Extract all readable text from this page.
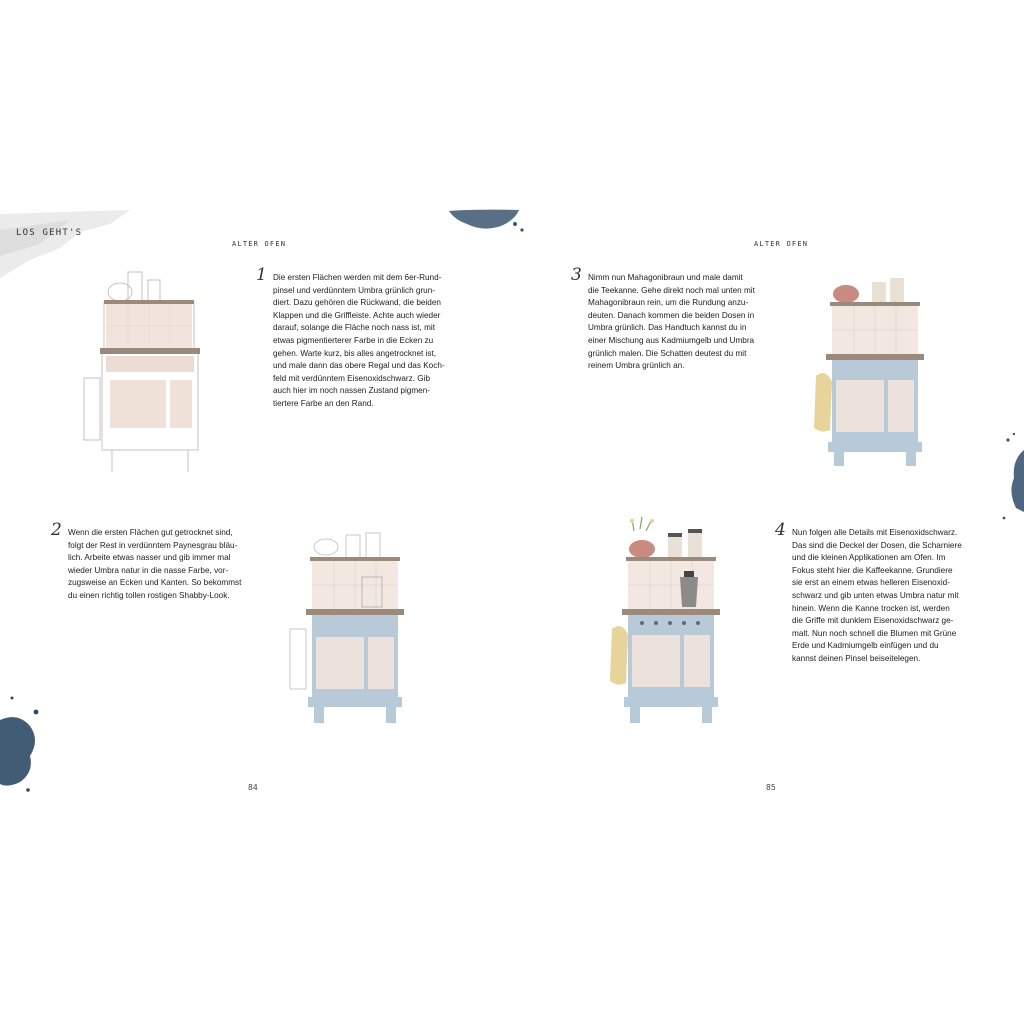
LOS GEHT'S
ALTER OFEN	ALTER OFEN
1 Die ersten Flächen werden mit dem 6er-Rund-
pinsel und verdünntem Umbra grünlich grun-
diert. Dazu gehören die Rückwand, die beiden
Klappen und die Griffleiste. Achte auch wieder
darauf, solange die Fläche noch nass ist, mit
etwas pigmentierterer Farbe in die Ecken zu
gehen. Warte kurz, bis alles angetrocknet ist,
und male dann das obere Regal und das Koch-
feld mit verdünntem Eisenoxidschwarz. Gib
auch hier im noch nassen Zustand pigmen-
tiertere Farbe an den Rand.

2 Wenn die ersten Flächen gut getrocknet sind,
folgt der Rest in verdünntem Paynesgrau bläu-
lich. Arbeite etwas nasser und gib immer mal
wieder Umbra natur in die nasse Farbe, vor-
zugsweise an Ecken und Kanten. So bekommst
du einen richtig tollen rostigen Shabby-Look.

3 Nimm nun Mahagonibraun und male damit
die Teekanne. Gehe direkt noch mal unten mit
Mahagonibraun rein, um die Rundung anzu-
deuten. Danach kommen die beiden Dosen in
Umbra grünlich. Das Handtuch kannst du in
einer Mischung aus Kadmiumgelb und Umbra
grünlich malen. Die Schatten deutest du mit
reinem Umbra grünlich an.

4 Nun folgen alle Details mit Eisenoxidschwarz.
Das sind die Deckel der Dosen, die Scharniere
und die kleinen Applikationen am Ofen. Im
Fokus steht hier die Kaffeekanne. Grundiere
sie erst an einem etwas helleren Eisenoxid-
schwarz und gib unten etwas Umbra natur mit
hinein. Wenn die Kanne trocken ist, werden
die Griffe mit dunklem Eisenoxidschwarz ge-
malt. Nun noch schnell die Blumen mit Grüne
Erde und Kadmiumgelb einfügen und du
kannst deinen Pinsel beiseitelegen.

84	85
